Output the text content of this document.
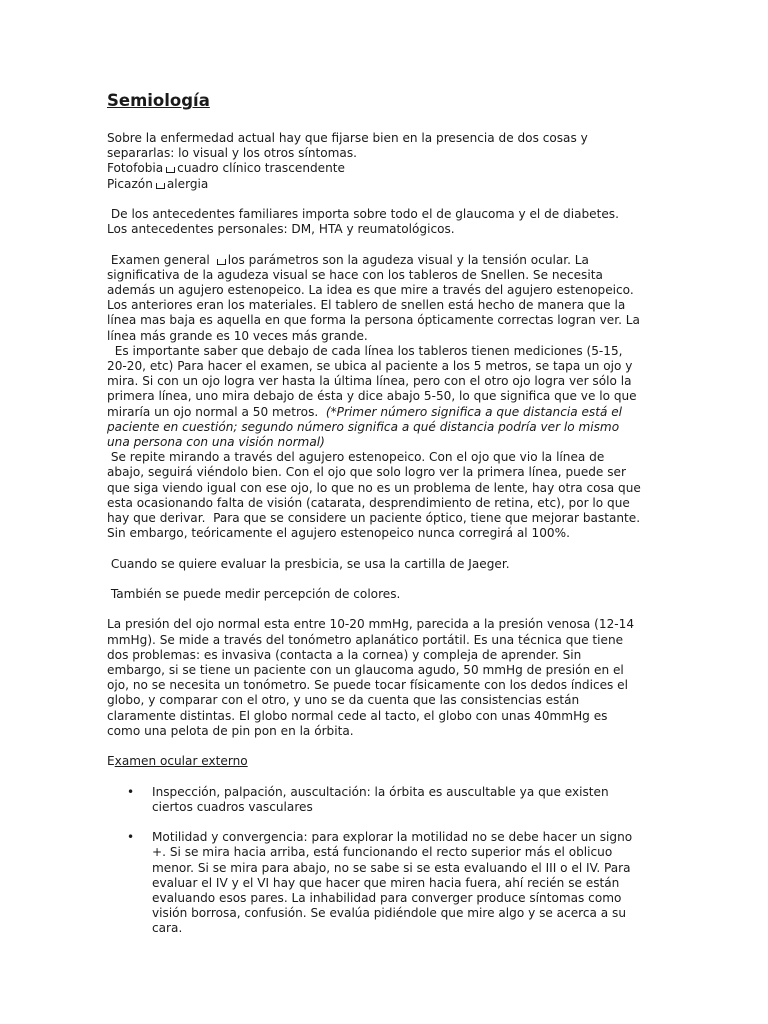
Semiología

Sobre la enfermedad actual hay que fijarse bien en la presencia de dos cosas y

separarlas: lo visual y los otros síntomas.

Fotofobia cuadro clínico trascendente

Picazón alergia

De los antecedentes familiares importa sobre todo el de glaucoma y el de diabetes.

Los antecedentes personales: DM, HTA y reumatológicos.

Examen general los parámetros son la agudeza visual y la tensión ocular. La

significativa de la agudeza visual se hace con los tableros de Snellen. Se necesita

además un agujero estenopeico. La idea es que mire a través del agujero estenopeico.

Los anteriores eran los materiales. El tablero de snellen está hecho de manera que la

línea mas baja es aquella en que forma la persona ópticamente correctas logran ver. La

línea más grande es 10 veces más grande.

Es importante saber que debajo de cada línea los tableros tienen mediciones (5-15,

20-20, etc) Para hacer el examen, se ubica al paciente a los 5 metros, se tapa un ojo y

mira. Si con un ojo logra ver hasta la última línea, pero con el otro ojo logra ver sólo la

primera línea, uno mira debajo de ésta y dice abajo 5-50, lo que significa que ve lo que

miraría un ojo normal a 50 metros.  (*Primer número significa a que distancia está el

paciente en cuestión; segundo número significa a qué distancia podría ver lo mismo

una persona con una visión normal)

Se repite mirando a través del agujero estenopeico. Con el ojo que vio la línea de

abajo, seguirá viéndolo bien. Con el ojo que solo logro ver la primera línea, puede ser

que siga viendo igual con ese ojo, lo que no es un problema de lente, hay otra cosa que

esta ocasionando falta de visión (catarata, desprendimiento de retina, etc), por lo que

hay que derivar.  Para que se considere un paciente óptico, tiene que mejorar bastante.

Sin embargo, teóricamente el agujero estenopeico nunca corregirá al 100%.

Cuando se quiere evaluar la presbicia, se usa la cartilla de Jaeger.

También se puede medir percepción de colores.

La presión del ojo normal esta entre 10-20 mmHg, parecida a la presión venosa (12-14

mmHg). Se mide a través del tonómetro aplanático portátil. Es una técnica que tiene

dos problemas: es invasiva (contacta a la cornea) y compleja de aprender. Sin

embargo, si se tiene un paciente con un glaucoma agudo, 50 mmHg de presión en el

ojo, no se necesita un tonómetro. Se puede tocar físicamente con los dedos índices el

globo, y comparar con el otro, y uno se da cuenta que las consistencias están

claramente distintas. El globo normal cede al tacto, el globo con unas 40mmHg es

como una pelota de pin pon en la órbita.

Examen ocular externo

• Inspección, palpación, auscultación: la órbita es auscultable ya que existen

ciertos cuadros vasculares

• Motilidad y convergencia: para explorar la motilidad no se debe hacer un signo

+. Si se mira hacia arriba, está funcionando el recto superior más el oblicuo

menor. Si se mira para abajo, no se sabe si se esta evaluando el III o el IV. Para

evaluar el IV y el VI hay que hacer que miren hacia fuera, ahí recién se están

evaluando esos pares. La inhabilidad para converger produce síntomas como

visión borrosa, confusión. Se evalúa pidiéndole que mire algo y se acerca a su

cara.
